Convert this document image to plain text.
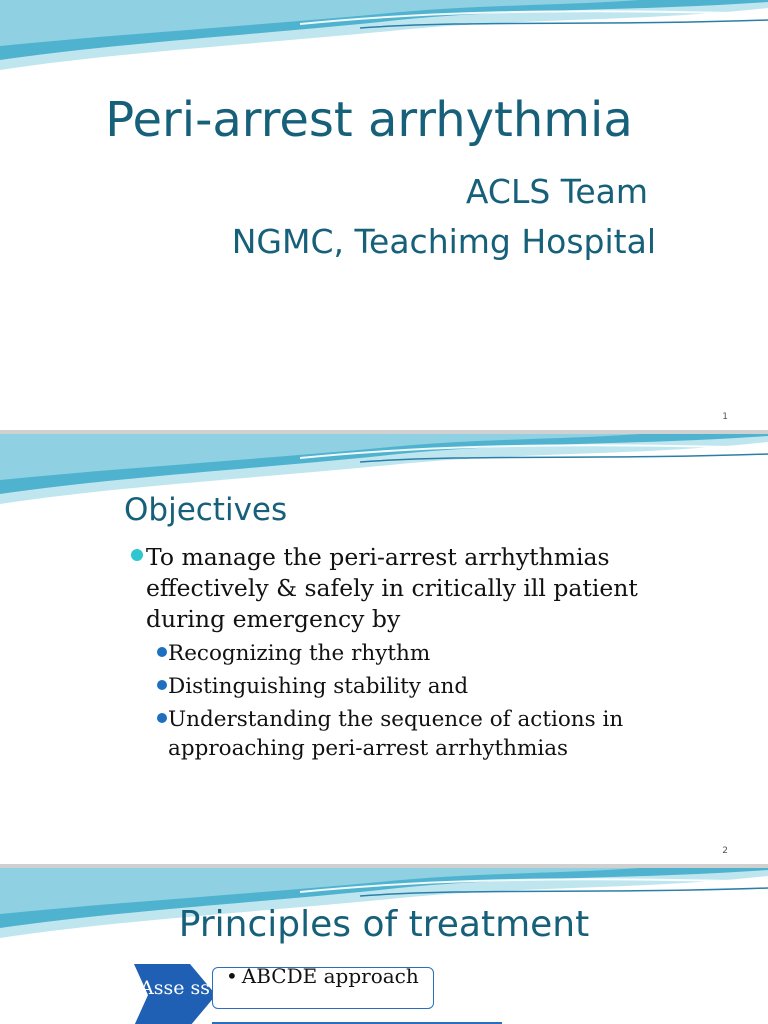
Peri-arrest arrhythmia
ACLS Team
NGMC, Teachimg Hospital
1
Objectives
To manage the peri-arrest arrhythmias effectively & safely in critically ill patient during emergency by
Recognizing the rhythm
Distinguishing stability and
Understanding the sequence of actions in approaching peri-arrest arrhythmias
2
Principles of treatment
Asse ss • ABCDE approach
